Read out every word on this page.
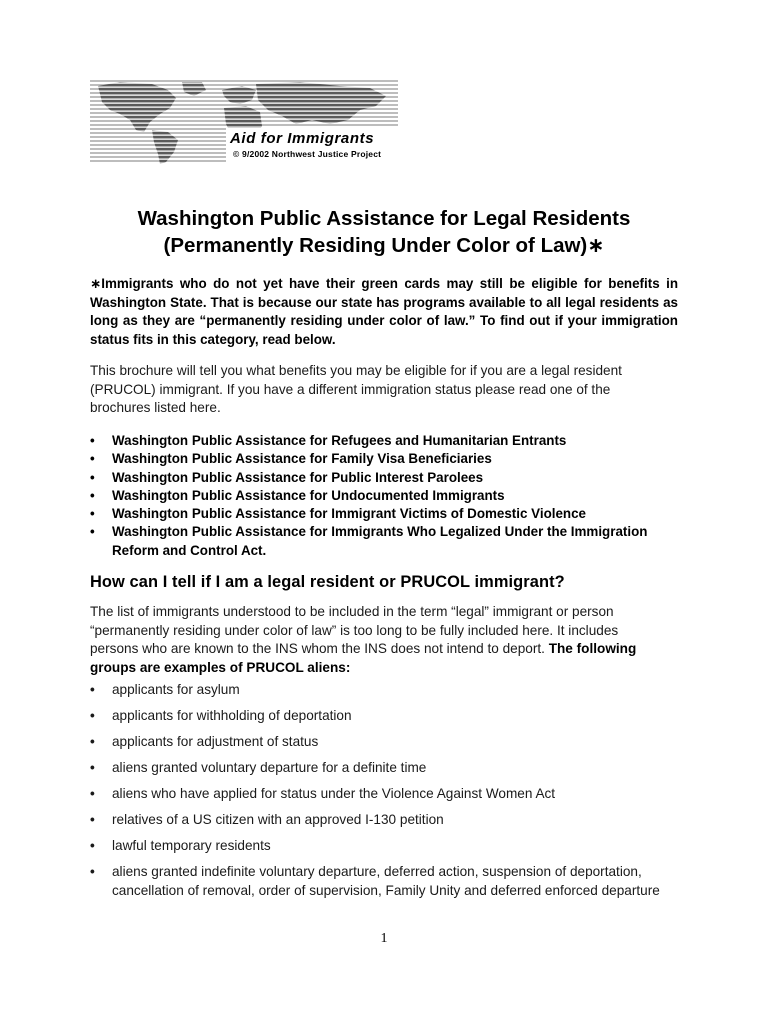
Aid for Immigrants
© 9/2002 Northwest Justice Project
Washington Public Assistance for Legal Residents
(Permanently Residing Under Color of Law)∗
∗Immigrants who do not yet have their green cards may still be eligible for benefits in Washington State. That is because our state has programs available to all legal residents as long as they are “permanently residing under color of law.” To find out if your immigration status fits in this category, read below.
This brochure will tell you what benefits you may be eligible for if you are a legal resident (PRUCOL) immigrant. If you have a different immigration status please read one of the brochures listed here.
• Washington Public Assistance for Refugees and Humanitarian Entrants
• Washington Public Assistance for Family Visa Beneficiaries
• Washington Public Assistance for Public Interest Parolees
• Washington Public Assistance for Undocumented Immigrants
• Washington Public Assistance for Immigrant Victims of Domestic Violence
• Washington Public Assistance for Immigrants Who Legalized Under the Immigration Reform and Control Act.
How can I tell if I am a legal resident or PRUCOL immigrant?
The list of immigrants understood to be included in the term “legal” immigrant or person “permanently residing under color of law” is too long to be fully included here. It includes persons who are known to the INS whom the INS does not intend to deport. The following groups are examples of PRUCOL aliens:
• applicants for asylum
• applicants for withholding of deportation
• applicants for adjustment of status
• aliens granted voluntary departure for a definite time
• aliens who have applied for status under the Violence Against Women Act
• relatives of a US citizen with an approved I-130 petition
• lawful temporary residents
• aliens granted indefinite voluntary departure, deferred action, suspension of deportation, cancellation of removal, order of supervision, Family Unity and deferred enforced departure
1
